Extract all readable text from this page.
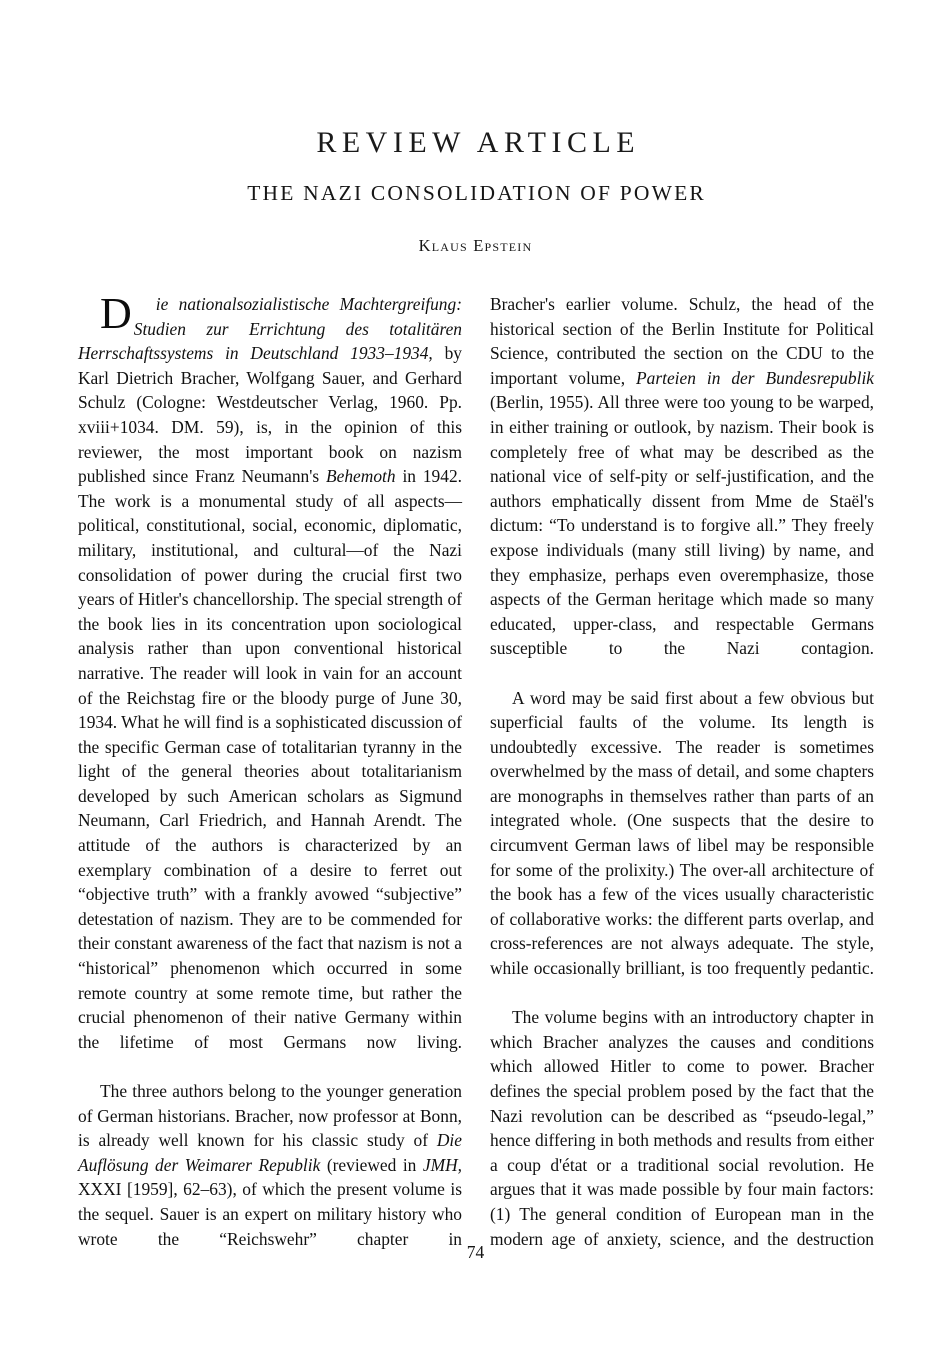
REVIEW ARTICLE
THE NAZI CONSOLIDATION OF POWER
Klaus Epstein

D ie nationalsozialistische Machtergreifung: Studien zur Errichtung des totalitären Herrschaftssystems in Deutschland 1933–1934, by Karl Dietrich Bracher, Wolfgang Sauer, and Gerhard Schulz (Cologne: Westdeutscher Verlag, 1960. Pp. xviii+1034. DM. 59), is, in the opinion of this reviewer, the most important book on nazism published since Franz Neumann's Behemoth in 1942. The work is a monumental study of all aspects—political, constitutional, social, economic, diplomatic, military, institutional, and cultural—of the Nazi consolidation of power during the crucial first two years of Hitler's chancellorship. The special strength of the book lies in its concentration upon sociological analysis rather than upon conventional historical narrative. The reader will look in vain for an account of the Reichstag fire or the bloody purge of June 30, 1934. What he will find is a sophisticated discussion of the specific German case of totalitarian tyranny in the light of the general theories about totalitarianism developed by such American scholars as Sigmund Neumann, Carl Friedrich, and Hannah Arendt. The attitude of the authors is characterized by an exemplary combination of a desire to ferret out “objective truth” with a frankly avowed “subjective” detestation of nazism. They are to be commended for their constant awareness of the fact that nazism is not a “historical” phenomenon which occurred in some remote country at some remote time, but rather the crucial phenomenon of their native Germany within the lifetime of most Germans now living.

The three authors belong to the younger generation of German historians. Bracher, now professor at Bonn, is already well known for his classic study of Die Auflösung der Weimarer Republik (reviewed in JMH, XXXI [1959], 62–63), of which the present volume is the sequel. Sauer is an expert on military history who wrote the “Reichswehr” chapter in

Bracher's earlier volume. Schulz, the head of the historical section of the Berlin Institute for Political Science, contributed the section on the CDU to the important volume, Parteien in der Bundesrepublik (Berlin, 1955). All three were too young to be warped, in either training or outlook, by nazism. Their book is completely free of what may be described as the national vice of self-pity or self-justification, and the authors emphatically dissent from Mme de Staël's dictum: “To understand is to forgive all.” They freely expose individuals (many still living) by name, and they emphasize, perhaps even overemphasize, those aspects of the German heritage which made so many educated, upper-class, and respectable Germans susceptible to the Nazi contagion.

A word may be said first about a few obvious but superficial faults of the volume. Its length is undoubtedly excessive. The reader is sometimes overwhelmed by the mass of detail, and some chapters are monographs in themselves rather than parts of an integrated whole. (One suspects that the desire to circumvent German laws of libel may be responsible for some of the prolixity.) The over-all architecture of the book has a few of the vices usually characteristic of collaborative works: the different parts overlap, and cross-references are not always adequate. The style, while occasionally brilliant, is too frequently pedantic.

The volume begins with an introductory chapter in which Bracher analyzes the causes and conditions which allowed Hitler to come to power. Bracher defines the special problem posed by the fact that the Nazi revolution can be described as “pseudo-legal,” hence differing in both methods and results from either a coup d'état or a traditional social revolution. He argues that it was made possible by four main factors: (1) The general condition of European man in the modern age of anxiety, science, and the destruction

74
